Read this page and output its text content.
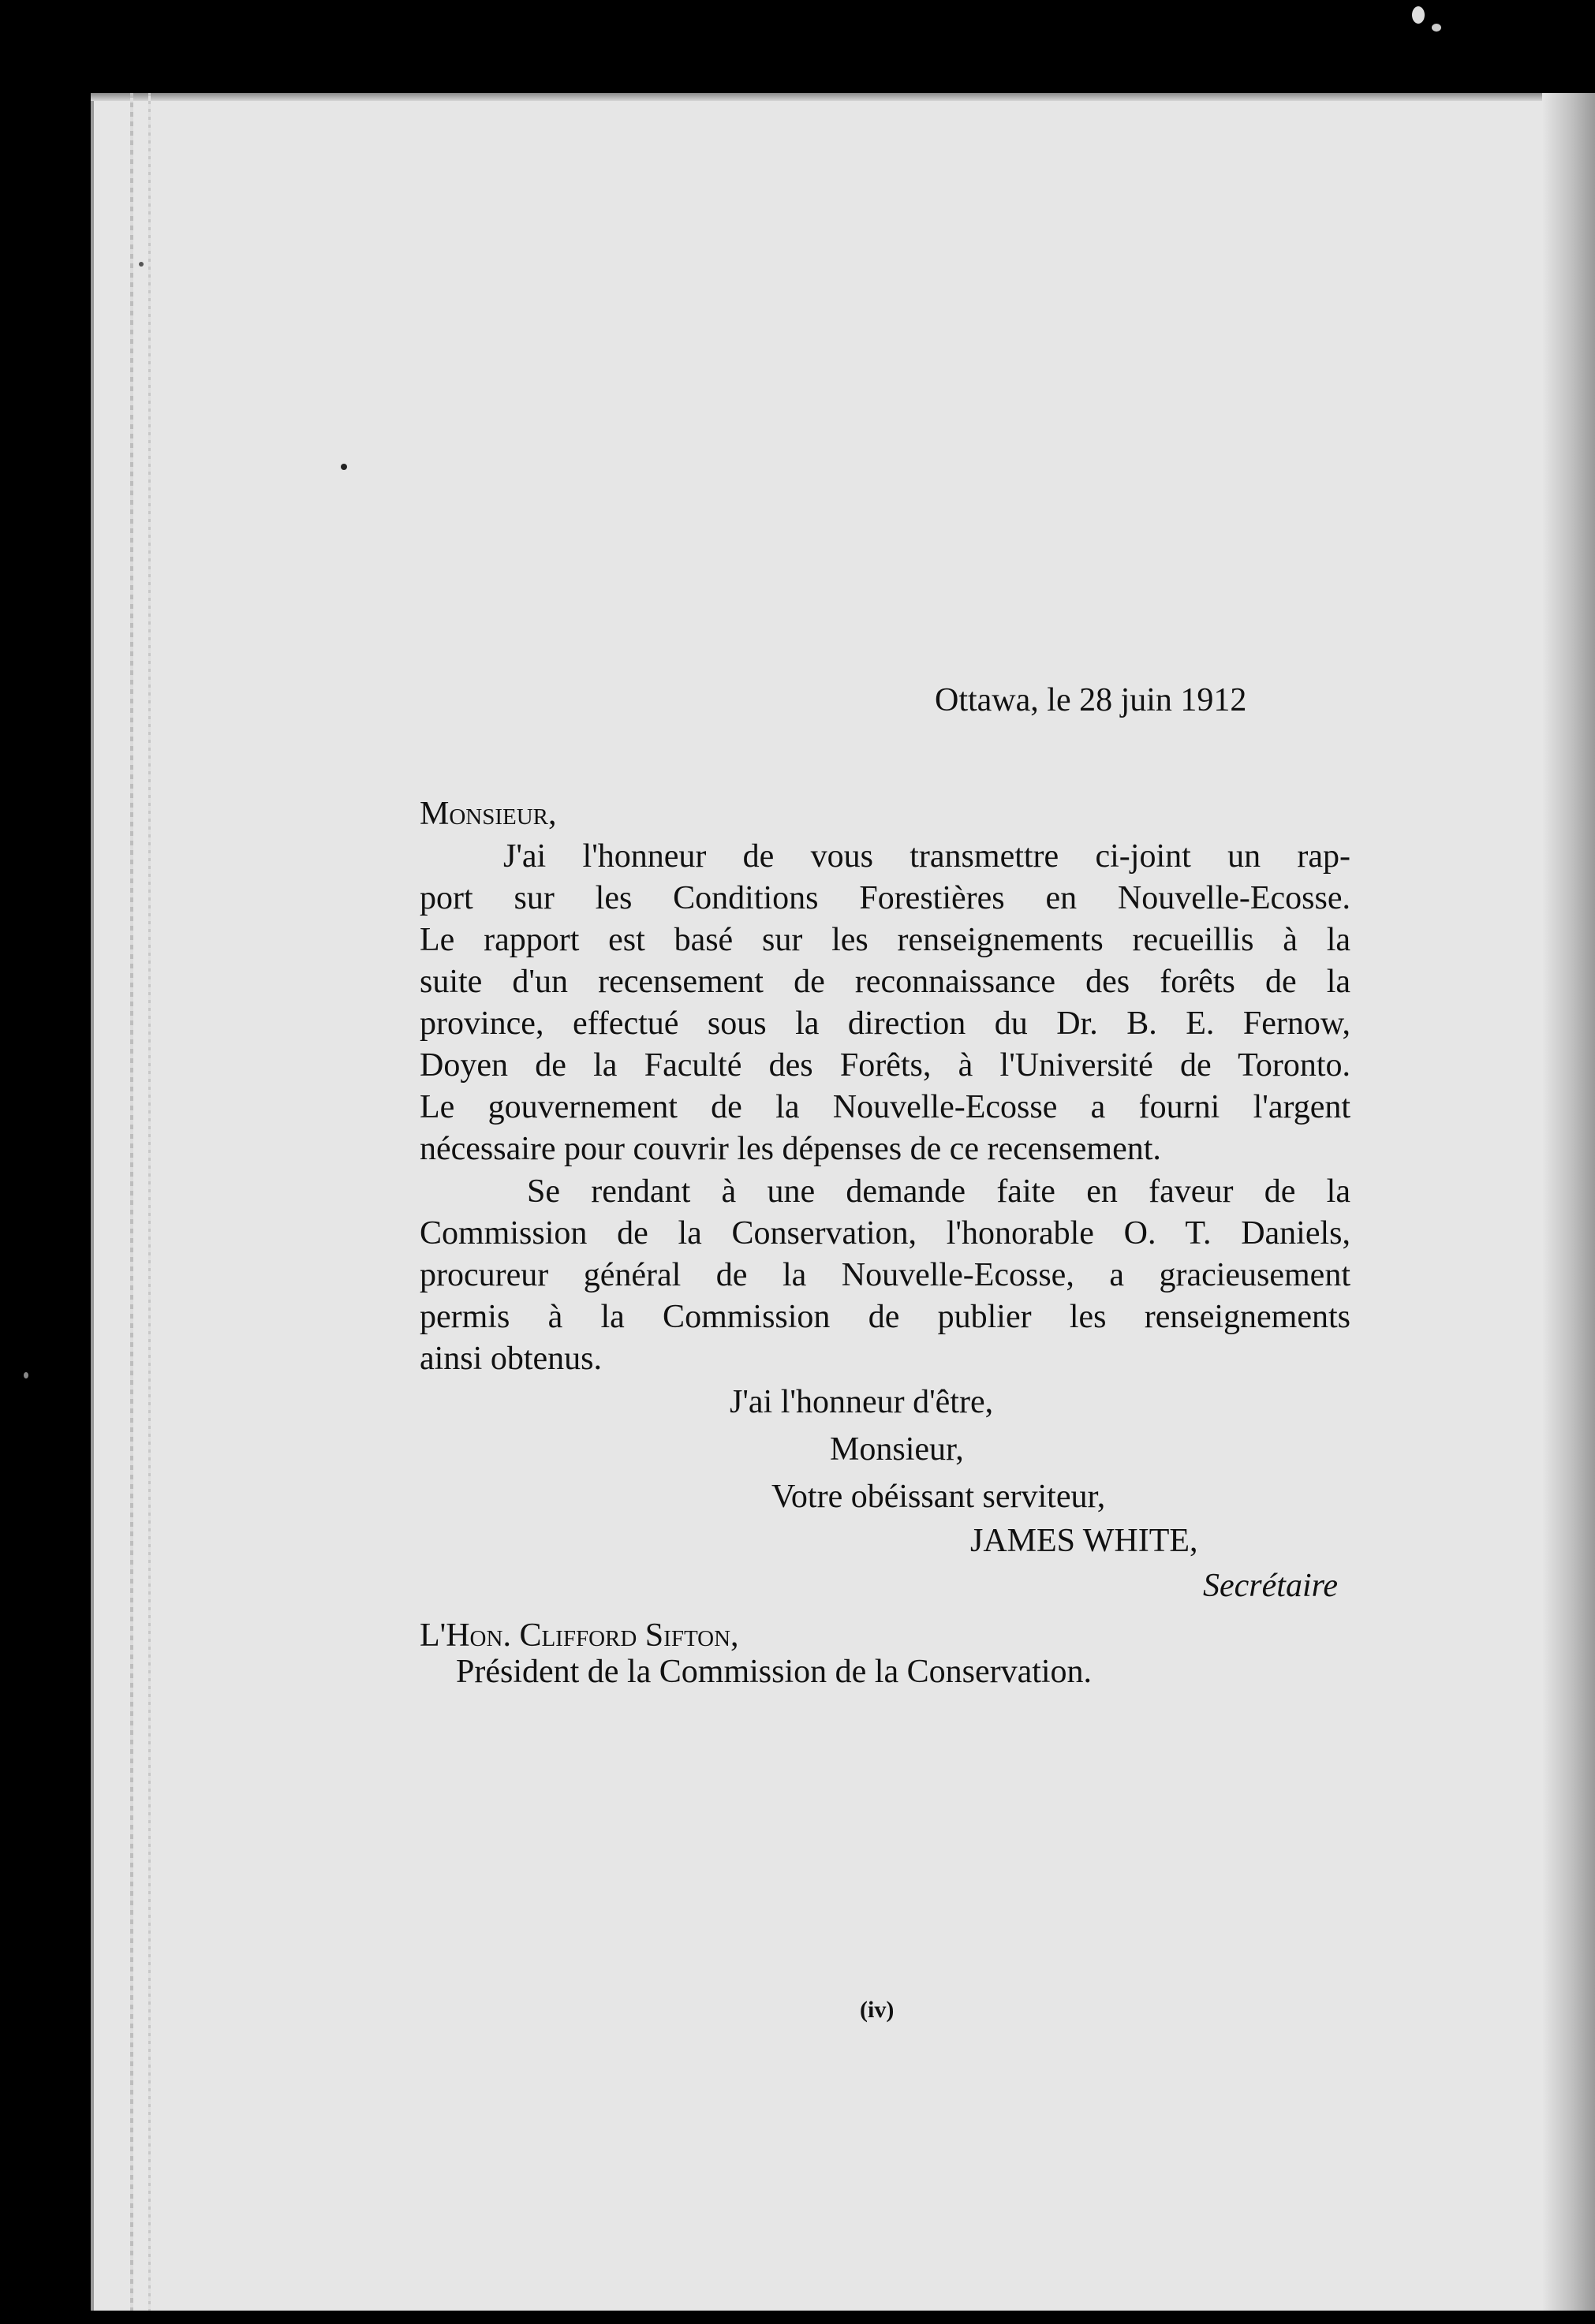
Ottawa, le 28 juin 1912
Monsieur,
J'ai l'honneur de vous transmettre ci-joint un rap-
port sur les Conditions Forestières en Nouvelle-Ecosse.
Le rapport est basé sur les renseignements recueillis à la
suite d'un recensement de reconnaissance des forêts de la
province, effectué sous la direction du Dr. B. E. Fernow,
Doyen de la Faculté des Forêts, à l'Université de Toronto.
Le gouvernement de la Nouvelle-Ecosse a fourni l'argent
nécessaire pour couvrir les dépenses de ce recensement.
Se rendant à une demande faite en faveur de la
Commission de la Conservation, l'honorable O. T. Daniels,
procureur général de la Nouvelle-Ecosse, a gracieusement
permis à la Commission de publier les renseignements
ainsi obtenus.
J'ai l'honneur d'être,
Monsieur,
Votre obéissant serviteur,
JAMES WHITE,
Secrétaire
L'Hon. Clifford Sifton,
Président de la Commission de la Conservation.
(iv)
